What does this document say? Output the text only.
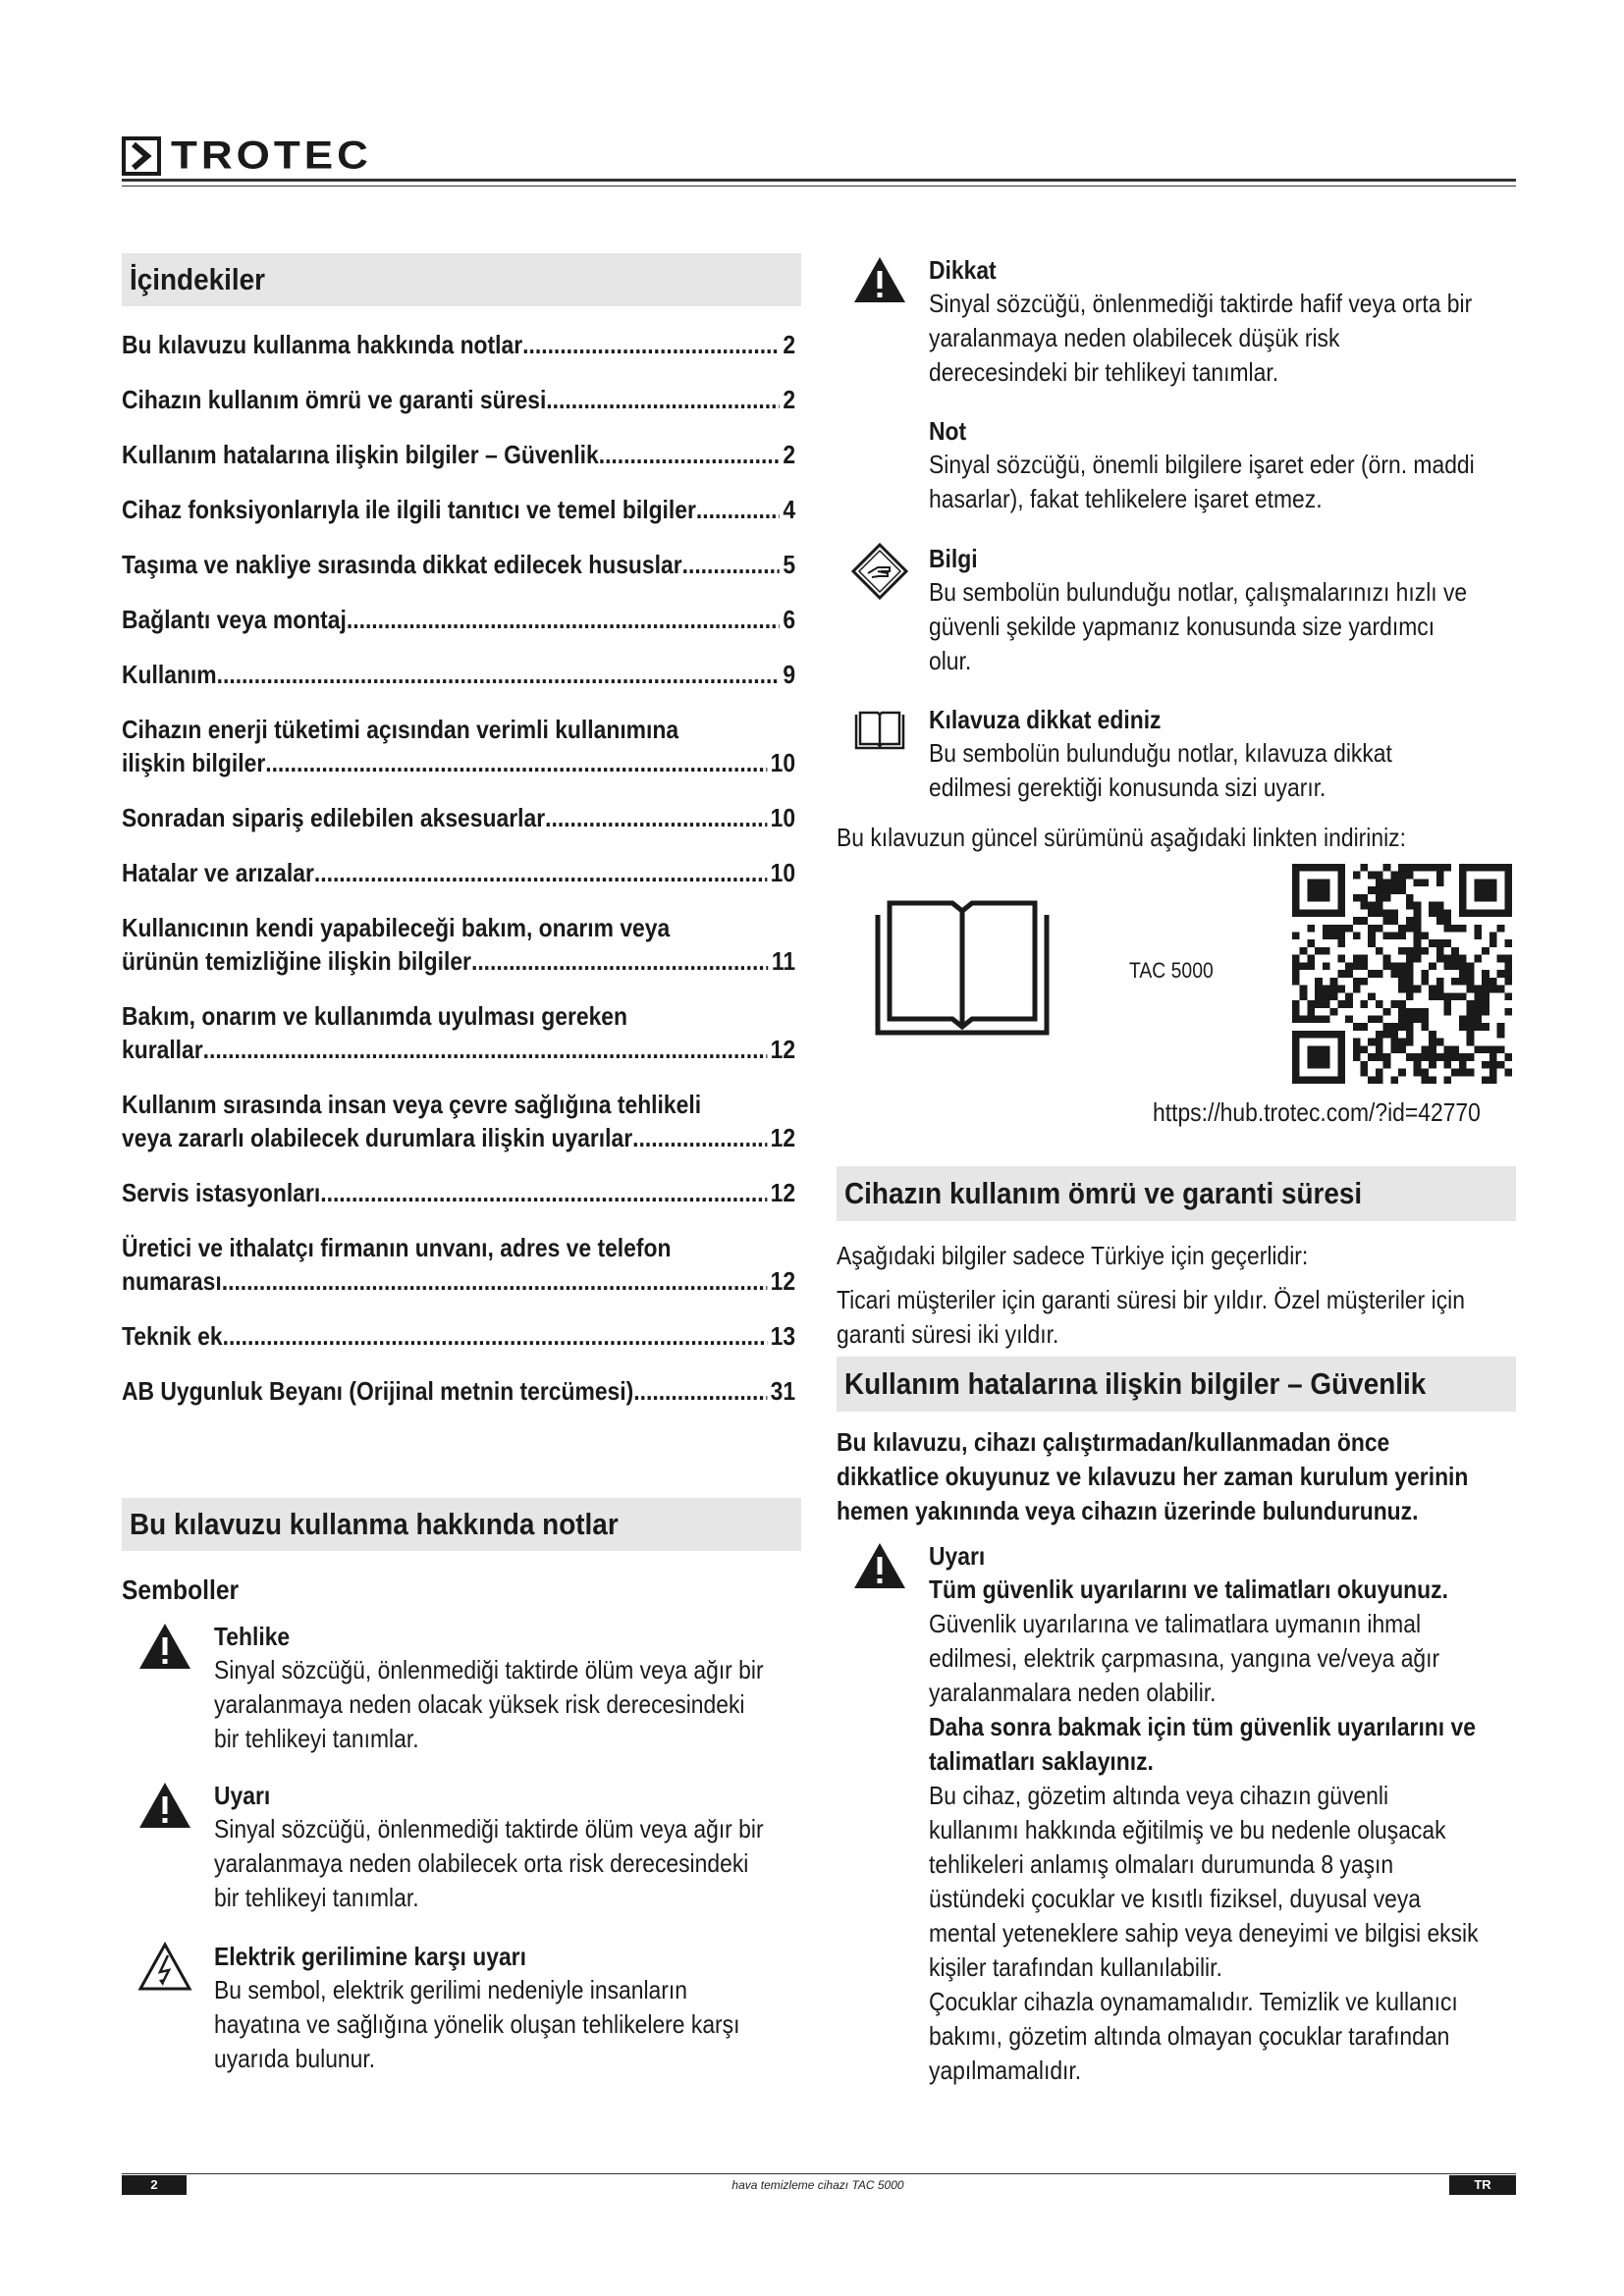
TROTEC
İçindekiler
Bu kılavuzu kullanma hakkında notlar .....	2
Cihazın kullanım ömrü ve garanti süresi .....	2
Kullanım hatalarına ilişkin bilgiler – Güvenlik .....	2
Cihaz fonksiyonlarıyla ile ilgili tanıtıcı ve temel bilgiler .....	4
Taşıma ve nakliye sırasında dikkat edilecek hususlar .....	5
Bağlantı veya montaj .....	6
Kullanım .....	9
Cihazın enerji tüketimi açısından verimli kullanımına
ilişkin bilgiler .....	10
Sonradan sipariş edilebilen aksesuarlar .....	10
Hatalar ve arızalar .....	10
Kullanıcının kendi yapabileceği bakım, onarım veya
ürünün temizliğine ilişkin bilgiler .....	11
Bakım, onarım ve kullanımda uyulması gereken
kurallar .....	12
Kullanım sırasında insan veya çevre sağlığına tehlikeli
veya zararlı olabilecek durumlara ilişkin uyarılar .....	12
Servis istasyonları .....	12
Üretici ve ithalatçı firmanın unvanı, adres ve telefon
numarası .....	12
Teknik ek .....	13
AB Uygunluk Beyanı (Orijinal metnin tercümesi) .....	31
Bu kılavuzu kullanma hakkında notlar
Semboller
Tehlike
Sinyal sözcüğü, önlenmediği taktirde ölüm veya ağır bir
yaralanmaya neden olacak yüksek risk derecesindeki
bir tehlikeyi tanımlar.
Uyarı
Sinyal sözcüğü, önlenmediği taktirde ölüm veya ağır bir
yaralanmaya neden olabilecek orta risk derecesindeki
bir tehlikeyi tanımlar.
Elektrik gerilimine karşı uyarı
Bu sembol, elektrik gerilimi nedeniyle insanların
hayatına ve sağlığına yönelik oluşan tehlikelere karşı
uyarıda bulunur.
Dikkat
Sinyal sözcüğü, önlenmediği taktirde hafif veya orta bir
yaralanmaya neden olabilecek düşük risk
derecesindeki bir tehlikeyi tanımlar.
Not
Sinyal sözcüğü, önemli bilgilere işaret eder (örn. maddi
hasarlar), fakat tehlikelere işaret etmez.
Bilgi
Bu sembolün bulunduğu notlar, çalışmalarınızı hızlı ve
güvenli şekilde yapmanız konusunda size yardımcı
olur.
Kılavuza dikkat ediniz
Bu sembolün bulunduğu notlar, kılavuza dikkat
edilmesi gerektiği konusunda sizi uyarır.
Bu kılavuzun güncel sürümünü aşağıdaki linkten indiriniz:
TAC 5000
https://hub.trotec.com/?id=42770
Cihazın kullanım ömrü ve garanti süresi
Aşağıdaki bilgiler sadece Türkiye için geçerlidir:
Ticari müşteriler için garanti süresi bir yıldır. Özel müşteriler için
garanti süresi iki yıldır.
Kullanım hatalarına ilişkin bilgiler – Güvenlik
Bu kılavuzu, cihazı çalıştırmadan/kullanmadan önce
dikkatlice okuyunuz ve kılavuzu her zaman kurulum yerinin
hemen yakınında veya cihazın üzerinde bulundurunuz.
Uyarı
Tüm güvenlik uyarılarını ve talimatları okuyunuz.
Güvenlik uyarılarına ve talimatlara uymanın ihmal
edilmesi, elektrik çarpmasına, yangına ve/veya ağır
yaralanmalara neden olabilir.
Daha sonra bakmak için tüm güvenlik uyarılarını ve
talimatları saklayınız.
Bu cihaz, gözetim altında veya cihazın güvenli
kullanımı hakkında eğitilmiş ve bu nedenle oluşacak
tehlikeleri anlamış olmaları durumunda 8 yaşın
üstündeki çocuklar ve kısıtlı fiziksel, duyusal veya
mental yeteneklere sahip veya deneyimi ve bilgisi eksik
kişiler tarafından kullanılabilir.
Çocuklar cihazla oynamamalıdır. Temizlik ve kullanıcı
bakımı, gözetim altında olmayan çocuklar tarafından
yapılmamalıdır.
2	hava temizleme cihazı TAC 5000	TR
